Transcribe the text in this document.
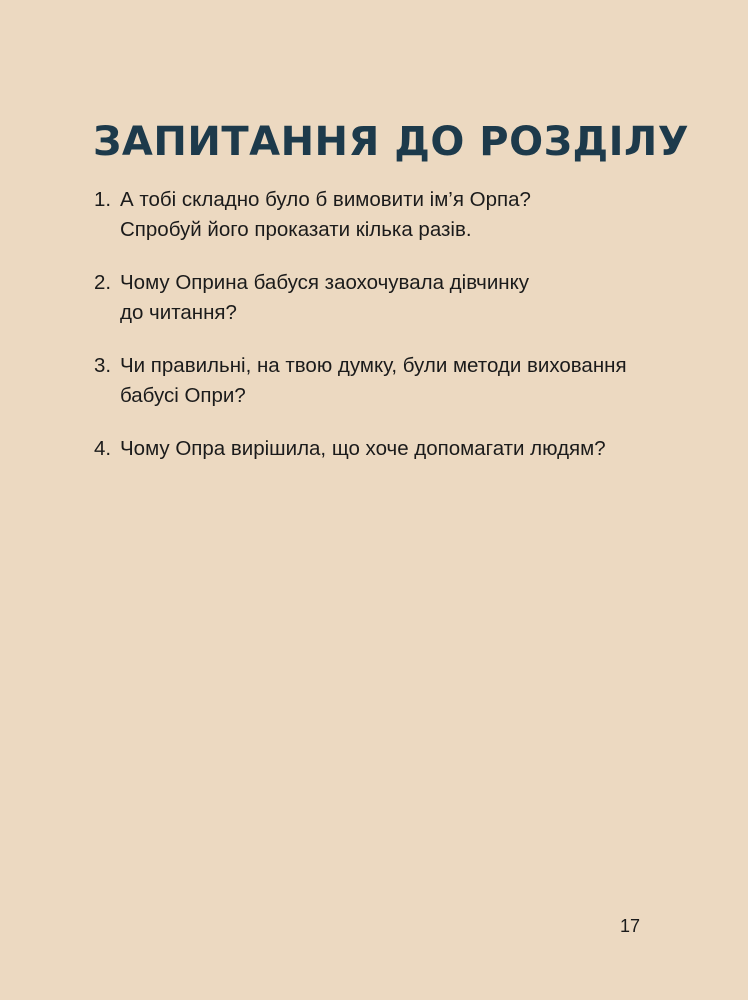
ЗАПИТАННЯ ДО РОЗДІЛУ
1. А тобі складно було б вимовити ім’я Орпа?
Спробуй його проказати кілька разів.
2. Чому Оприна бабуся заохочувала дівчинку
до читання?
3. Чи правильні, на твою думку, були методи виховання
бабусі Опри?
4. Чому Опра вирішила, що хоче допомагати людям?
17
